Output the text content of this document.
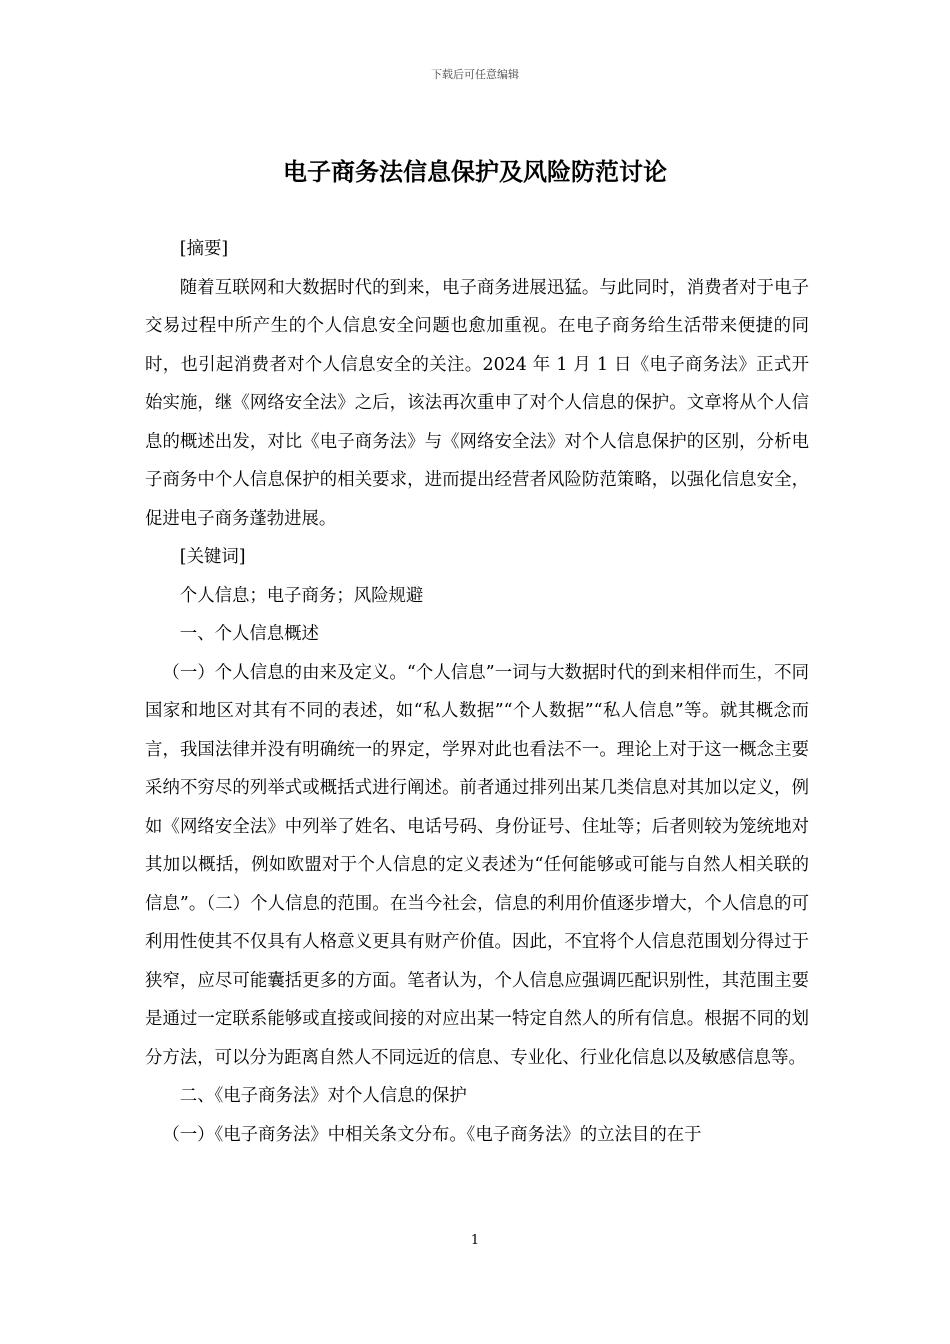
下载后可任意编辑
电子商务法信息保护及风险防范讨论

[摘要]

随着互联网和大数据时代的到来，电子商务进展迅猛。与此同时，消费者对于电子交易过程中所产生的个人信息安全问题也愈加重视。在电子商务给生活带来便捷的同时，也引起消费者对个人信息安全的关注。2024 年 1 月 1 日《电子商务法》正式开始实施，继《网络安全法》之后，该法再次重申了对个人信息的保护。文章将从个人信息的概述出发，对比《电子商务法》与《网络安全法》对个人信息保护的区别，分析电子商务中个人信息保护的相关要求，进而提出经营者风险防范策略，以强化信息安全，促进电子商务蓬勃进展。

[关键词]

个人信息；电子商务；风险规避

一、个人信息概述

（一）个人信息的由来及定义。“个人信息”一词与大数据时代的到来相伴而生，不同国家和地区对其有不同的表述，如“私人数据”“个人数据”“私人信息”等。就其概念而言，我国法律并没有明确统一的界定，学界对此也看法不一。理论上对于这一概念主要采纳不穷尽的列举式或概括式进行阐述。前者通过排列出某几类信息对其加以定义，例如《网络安全法》中列举了姓名、电话号码、身份证号、住址等；后者则较为笼统地对其加以概括，例如欧盟对于个人信息的定义表述为“任何能够或可能与自然人相关联的信息”。（二）个人信息的范围。在当今社会，信息的利用价值逐步增大，个人信息的可利用性使其不仅具有人格意义更具有财产价值。因此，不宜将个人信息范围划分得过于狭窄，应尽可能囊括更多的方面。笔者认为，个人信息应强调匹配识别性，其范围主要是通过一定联系能够或直接或间接的对应出某一特定自然人的所有信息。根据不同的划分方法，可以分为距离自然人不同远近的信息、专业化、行业化信息以及敏感信息等。

二、《电子商务法》对个人信息的保护

（一）《电子商务法》中相关条文分布。《电子商务法》的立法目的在于

1
